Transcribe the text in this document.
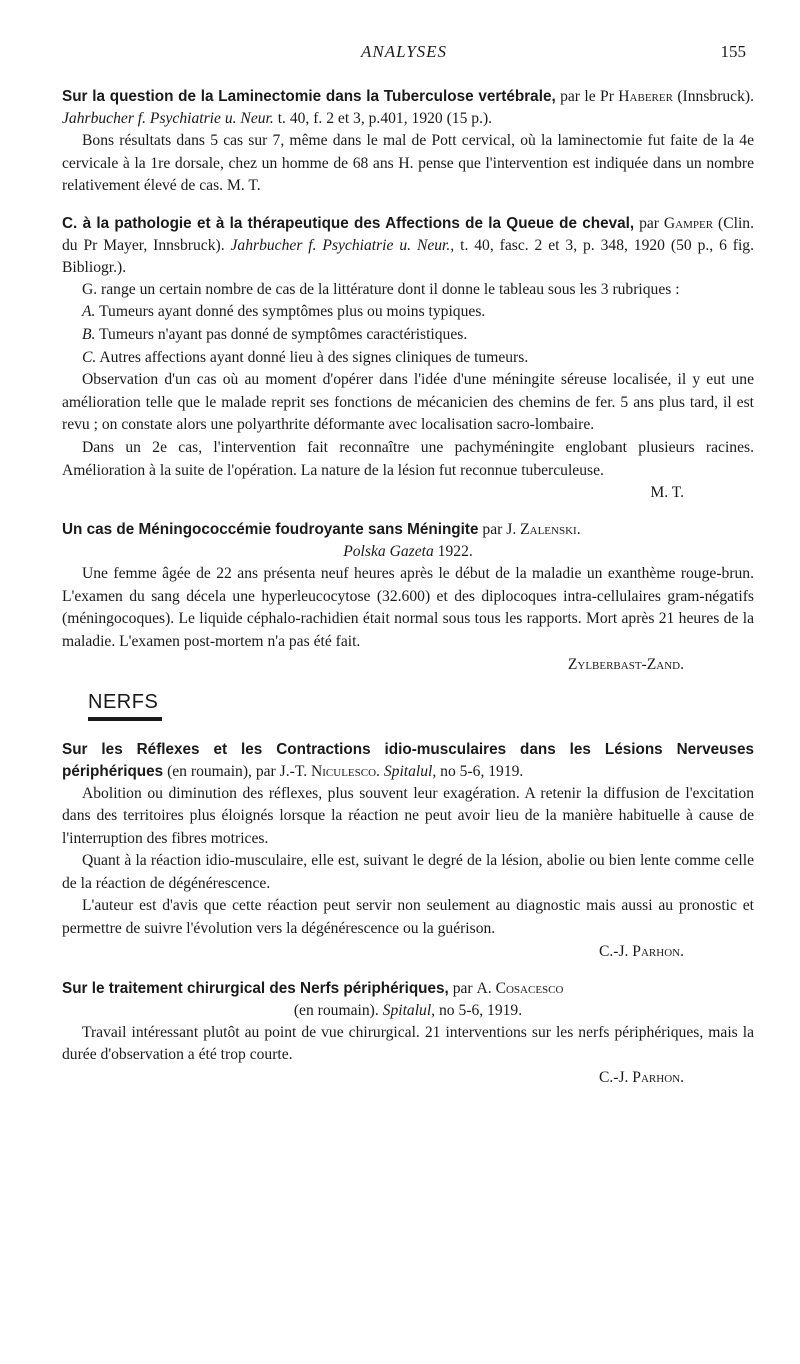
ANALYSES	155
Sur la question de la Laminectomie dans la Tuberculose vertébrale, par le Pr Haberer (Innsbruck). Jahrbucher f. Psychiatrie u. Neur. t. 40, f. 2 et 3, p.401, 1920 (15 p.).

Bons résultats dans 5 cas sur 7, même dans le mal de Pott cervical, où la laminectomie fut faite de la 4e cervicale à la 1re dorsale, chez un homme de 68 ans H. pense que l'intervention est indiquée dans un nombre relativement élevé de cas. M. T.

C. à la pathologie et à la thérapeutique des Affections de la Queue de cheval, par Gamper (Clin. du Pr Mayer, Innsbruck). Jahrbucher f. Psychiatrie u. Neur., t. 40, fasc. 2 et 3, p. 348, 1920 (50 p., 6 fig. Bibliogr.).

G. range un certain nombre de cas de la littérature dont il donne le tableau sous les 3 rubriques :

A. Tumeurs ayant donné des symptômes plus ou moins typiques.

B. Tumeurs n'ayant pas donné de symptômes caractéristiques.

C. Autres affections ayant donné lieu à des signes cliniques de tumeurs.

Observation d'un cas où au moment d'opérer dans l'idée d'une méningite séreuse localisée, il y eut une amélioration telle que le malade reprit ses fonctions de mécanicien des chemins de fer. 5 ans plus tard, il est revu ; on constate alors une polyarthrite déformante avec localisation sacro-lombaire.

Dans un 2e cas, l'intervention fait reconnaître une pachyméningite englobant plusieurs racines. Amélioration à la suite de l'opération. La nature de la lésion fut reconnue tuberculeuse.

M. T.
Un cas de Méningococcémie foudroyante sans Méningite par J. Zalenski.
Polska Gazeta 1922.

Une femme âgée de 22 ans présenta neuf heures après le début de la maladie un exanthème rouge-brun. L'examen du sang décela une hyperleucocytose (32.600) et des diplocoques intra-cellulaires gram-négatifs (méningocoques). Le liquide céphalo-rachidien était normal sous tous les rapports. Mort après 21 heures de la maladie. L'examen post-mortem n'a pas été fait.

Zylberbast-Zand.
NERFS
Sur les Réflexes et les Contractions idio-musculaires dans les Lésions Nerveuses périphériques (en roumain), par J.-T. Niculesco. Spitalul, no 5-6, 1919.

Abolition ou diminution des réflexes, plus souvent leur exagération. A retenir la diffusion de l'excitation dans des territoires plus éloignés lorsque la réaction ne peut avoir lieu de la manière habituelle à cause de l'interruption des fibres motrices.

Quant à la réaction idio-musculaire, elle est, suivant le degré de la lésion, abolie ou bien lente comme celle de la réaction de dégénérescence.

L'auteur est d'avis que cette réaction peut servir non seulement au diagnostic mais aussi au pronostic et permettre de suivre l'évolution vers la dégénérescence ou la guérison.

C.-J. Parhon.
Sur le traitement chirurgical des Nerfs périphériques, par A. Cosacesco
(en roumain). Spitalul, no 5-6, 1919.

Travail intéressant plutôt au point de vue chirurgical. 21 interventions sur les nerfs périphériques, mais la durée d'observation a été trop courte.

C.-J. Parhon.
